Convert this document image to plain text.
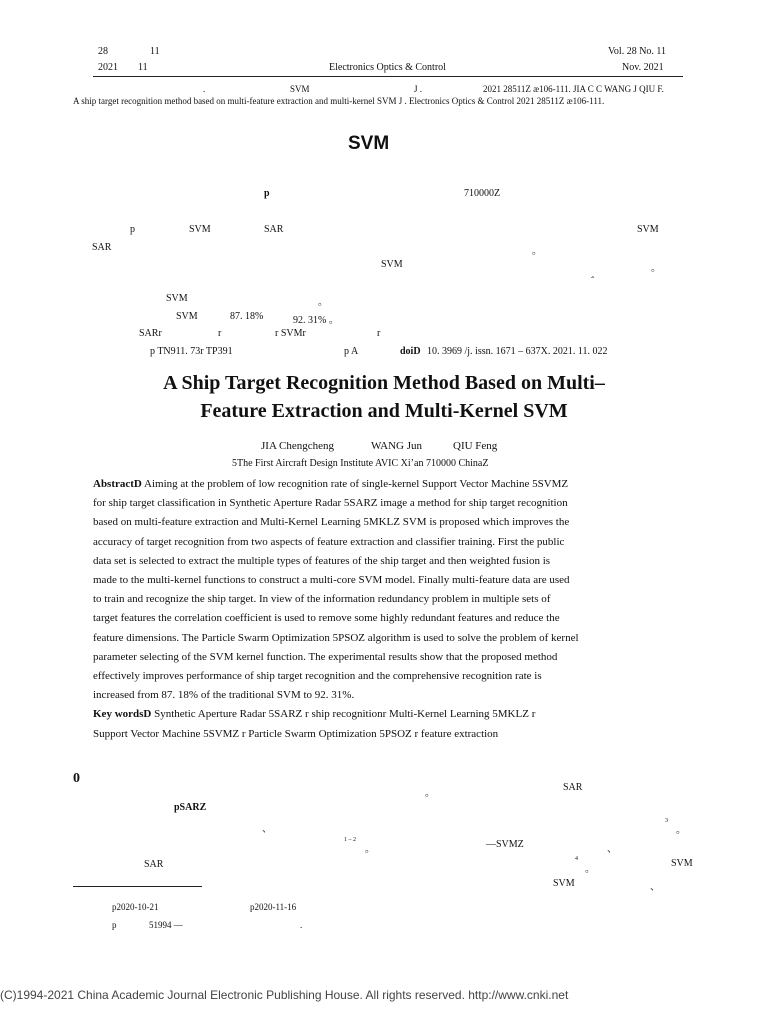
28	11
2021 11	Electronics Optics & Control
Vol. 28 No. 11
Nov. 2021
.	SVM	J .	2021 28511Z æ106-111. JIA C C WANG J QIU F.
A ship target recognition method based on multi-feature extraction and multi-kernel SVM J . Electronics Optics & Control 2021 28511Z æ106-111.
SVM
p	710000Z
p	SVM	SAR	SVM
SAR	。
SVM	。
ˆ
SVM	。
SVM	87. 18%	92. 31% 。
SARr	r	r SVMr	r
p TN911. 73r TP391	p A	doiD 10. 3969 /j. issn. 1671 – 637X. 2021. 11. 022
A Ship Target Recognition Method Based on Multi–
Feature Extraction and Multi-Kernel SVM
JIA Chengcheng	WANG Jun	QIU Feng
5The First Aircraft Design Institute AVIC Xi’an 710000 ChinaZ
AbstractD Aiming at the problem of low recognition rate of single-kernel Support Vector Machine 5SVMZ
for ship target classification in Synthetic Aperture Radar 5SARZ image a method for ship target recognition
based on multi-feature extraction and Multi-Kernel Learning 5MKLZ SVM is proposed which improves the
accuracy of target recognition from two aspects of feature extraction and classifier training. First the public
data set is selected to extract the multiple types of features of the ship target and then weighted fusion is
made to the multi-kernel functions to construct a multi-core SVM model. Finally multi-feature data are used
to train and recognize the ship target. In view of the information redundancy problem in multiple sets of
target features the correlation coefficient is used to remove some highly redundant features and reduce the
feature dimensions. The Particle Swarm Optimization 5PSOZ algorithm is used to solve the problem of kernel
parameter selecting of the SVM kernel function. The experimental results show that the proposed method
effectively improves performance of ship target recognition and the comprehensive recognition rate is
increased from 87. 18% of the traditional SVM to 92. 31%.
Key wordsD Synthetic Aperture Radar 5SARZ r ship recognitionr Multi-Kernel Learning 5MKLZ r
Support Vector Machine 5SVMZ r Particle Swarm Optimization 5PSOZ r feature extraction
0
pSARZ
、
1 – 2
。
SAR
。
SAR
3
。
—SVMZ	、
4
。
SVM
SVM	、
p2020-10-21	p2020-11-16
p	51994 —	.
(C)1994-2021 China Academic Journal Electronic Publishing House. All rights reserved. http://www.cnki.net
